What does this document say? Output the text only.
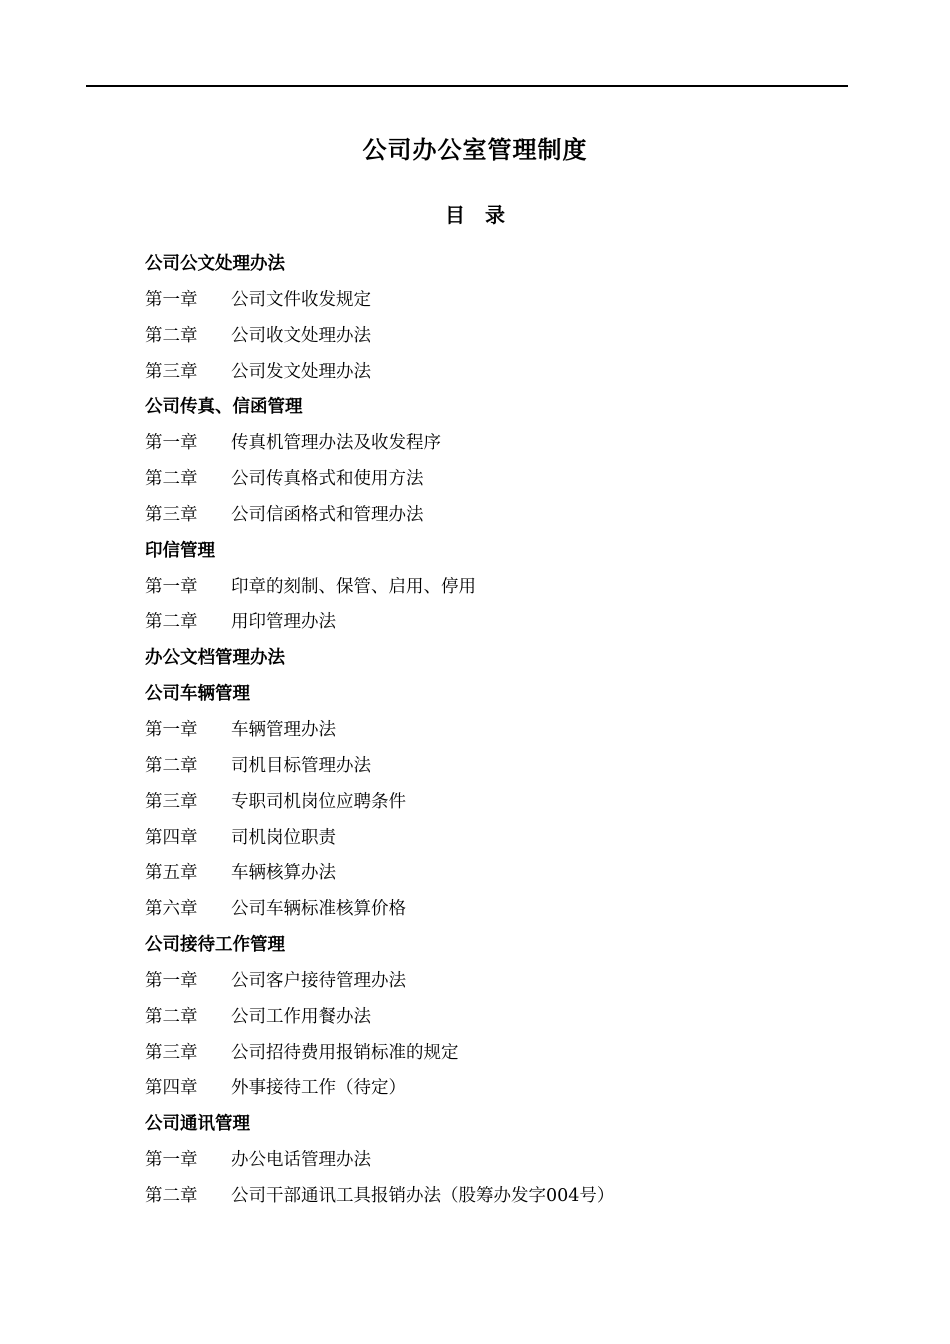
公司办公室管理制度
目　录
公司公文处理办法
第一章 公司文件收发规定
第二章 公司收文处理办法
第三章 公司发文处理办法
公司传真、信函管理
第一章 传真机管理办法及收发程序
第二章 公司传真格式和使用方法
第三章 公司信函格式和管理办法
印信管理
第一章 印章的刻制、保管、启用、停用
第二章 用印管理办法
办公文档管理办法
公司车辆管理
第一章 车辆管理办法
第二章 司机目标管理办法
第三章 专职司机岗位应聘条件
第四章 司机岗位职责
第五章 车辆核算办法
第六章 公司车辆标准核算价格
公司接待工作管理
第一章 公司客户接待管理办法
第二章 公司工作用餐办法
第三章 公司招待费用报销标准的规定
第四章 外事接待工作（待定）
公司通讯管理
第一章 办公电话管理办法
第二章 公司干部通讯工具报销办法（股筹办发字004号）
